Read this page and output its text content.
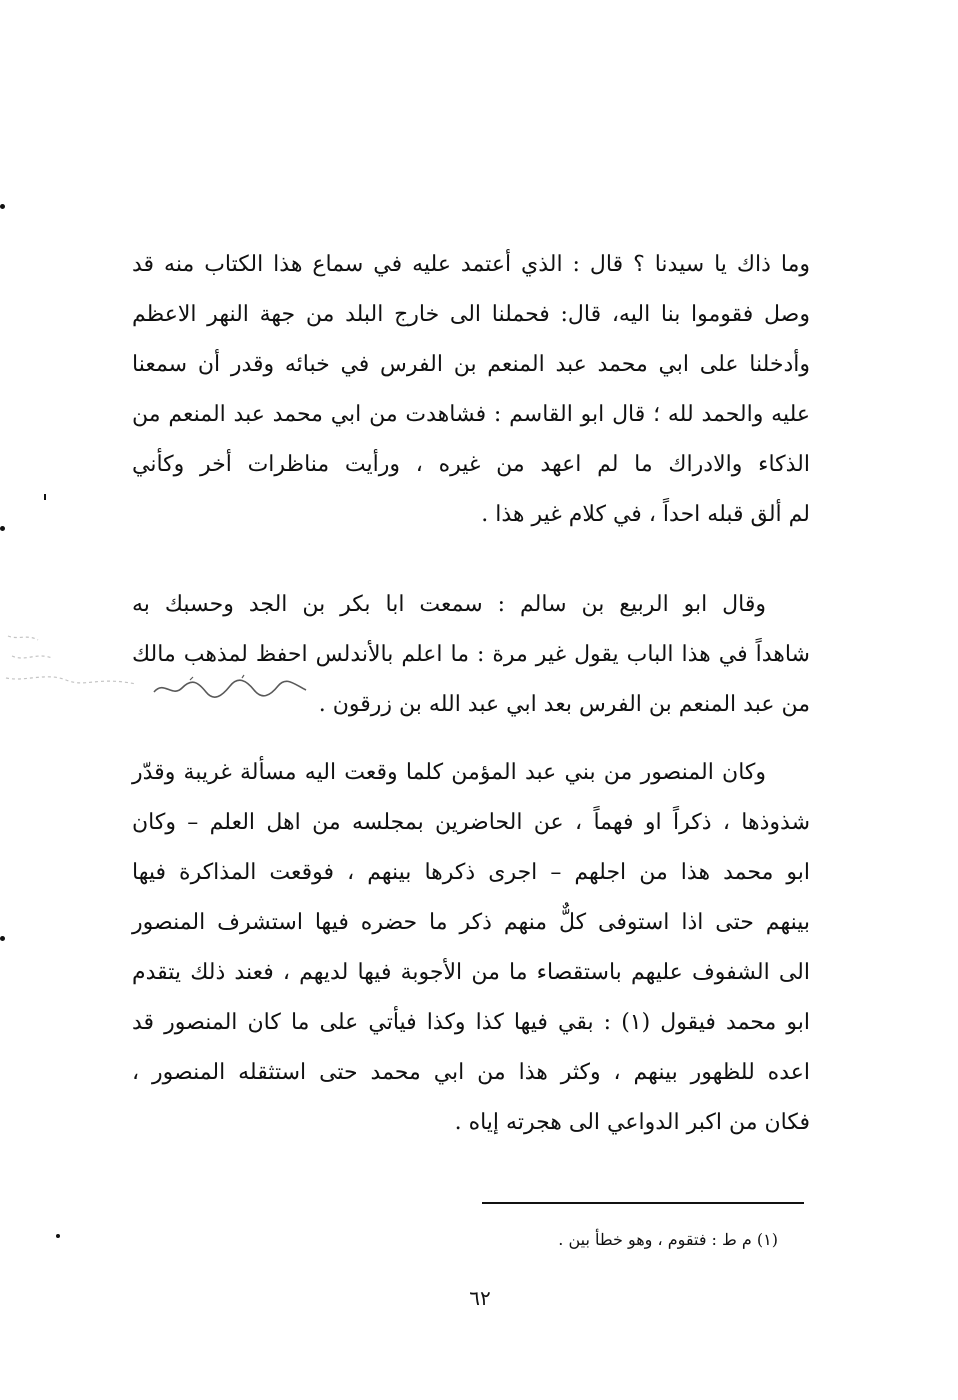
وما ذاك يا سيدنا ؟ قال : الذي أعتمد عليه في سماع هذا الكتاب منه قد
وصل فقوموا بنا اليه، قال: فحملنا الى خارج البلد من جهة النهر الاعظم
وأدخلنا على ابي محمد عبد المنعم بن الفرس في خبائه وقدر أن سمعنا
عليه والحمد لله ؛ قال ابو القاسم : فشاهدت من ابي محمد عبد المنعم من
الذكاء والادراك ما لم اعهد من غيره ، ورأيت مناظرات أخر وكأني
لم ألق قبله احداً ، في كلام غير هذا .
وقال ابو الربيع بن سالم : سمعت ابا بكر بن الجد وحسبك به
شاهداً في هذا الباب يقول غير مرة : ما اعلم بالأندلس احفظ لمذهب مالك
من عبد المنعم بن الفرس بعد ابي عبد الله بن زرقون .
وكان المنصور من بني عبد المؤمن كلما وقعت اليه مسألة غريبة وقدّر
شذوذها ، ذكراً او فهماً ، عن الحاضرين بمجلسه من اهل العلم – وكان
ابو محمد هذا من اجلهم – اجرى ذكرها بينهم ، فوقعت المذاكرة فيها
بينهم حتى اذا استوفى كلٌّ منهم ذكر ما حضره فيها استشرف المنصور
الى الشفوف عليهم باستقصاء ما من الأجوبة فيها لديهم ، فعند ذلك يتقدم
ابو محمد فيقول (١) : بقي فيها كذا وكذا فيأتي على ما كان المنصور قد
اعده للظهور بينهم ، وكثر هذا من ابي محمد حتى استثقله المنصور ،
فكان من اكبر الدواعي الى هجرته إياه .
(١) م ط : فتقوم ، وهو خطأ بين .
٦٢
